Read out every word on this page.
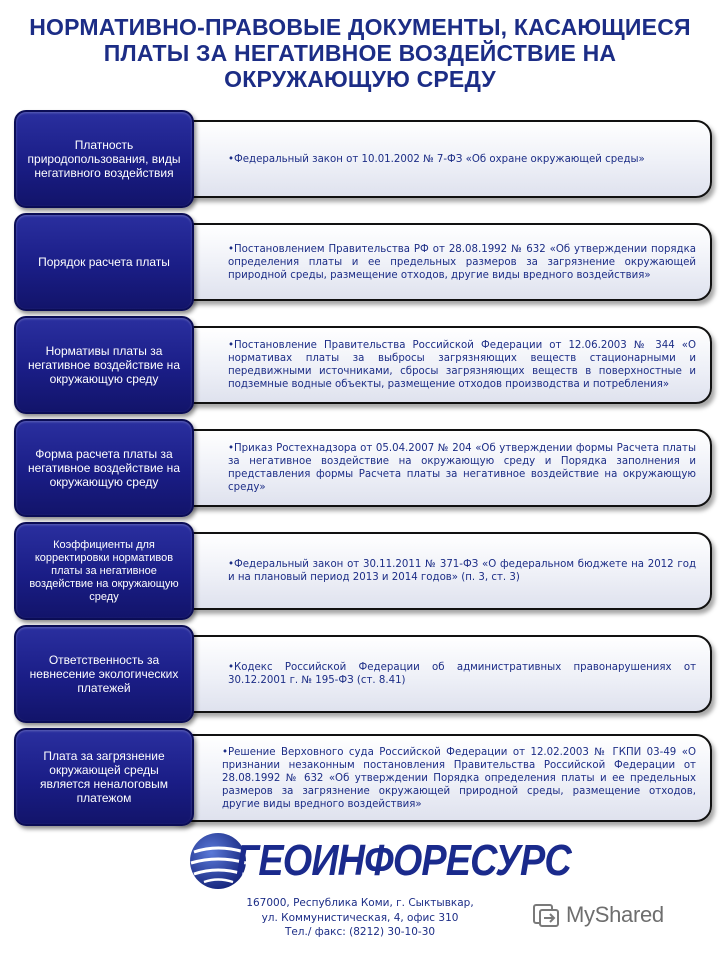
НОРМАТИВНО-ПРАВОВЫЕ ДОКУМЕНТЫ, КАСАЮЩИЕСЯ
ПЛАТЫ ЗА НЕГАТИВНОЕ ВОЗДЕЙСТВИЕ НА
ОКРУЖАЮЩУЮ СРЕДУ
•Федеральный закон от 10.01.2002 № 7-ФЗ «Об охране окружающей среды»
Платность природопользования, виды негативного воздействия
•Постановлением Правительства РФ от 28.08.1992 № 632 «Об утверждении порядка определения платы и ее предельных размеров за загрязнение окружающей природной среды, размещение отходов, другие виды вредного воздействия»
Порядок расчета платы
•Постановление Правительства Российской Федерации от 12.06.2003 № 344 «О нормативах платы за выбросы загрязняющих веществ стационарными и передвижными источниками, сбросы загрязняющих веществ в поверхностные и подземные водные объекты, размещение отходов производства и потребления»
Нормативы платы за негативное воздействие на окружающую среду
•Приказ Ростехнадзора от 05.04.2007 № 204 «Об утверждении формы Расчета платы за негативное воздействие на окружающую среду и Порядка заполнения и представления формы Расчета платы за негативное воздействие на окружающую среду»
Форма расчета платы за негативное воздействие на окружающую среду
•Федеральный закон от 30.11.2011 № 371-ФЗ «О федеральном бюджете на 2012 год и на плановый период 2013 и 2014 годов» (п. 3, ст. 3)
Коэффициенты для корректировки нормативов платы за негативное воздействие на окружающую среду
•Кодекс Российской Федерации об административных правонарушениях от 30.12.2001 г. № 195-ФЗ (ст. 8.41)
Ответственность за невнесение экологических платежей
•Решение Верховного суда Российской Федерации от 12.02.2003 № ГКПИ 03-49 «О признании незаконным постановления Правительства Российской Федерации от 28.08.1992 № 632 «Об утверждении Порядка определения платы и ее предельных размеров за загрязнение окружающей природной среды, размещение отходов, другие виды вредного воздействия»
Плата за загрязнение окружающей среды является неналоговым платежом
ГЕОИНФОРЕСУРС
167000, Республика Коми, г. Сыктывкар,
ул. Коммунистическая, 4, офис 310
Тел./ факс: (8212) 30-10-30
MyShared
